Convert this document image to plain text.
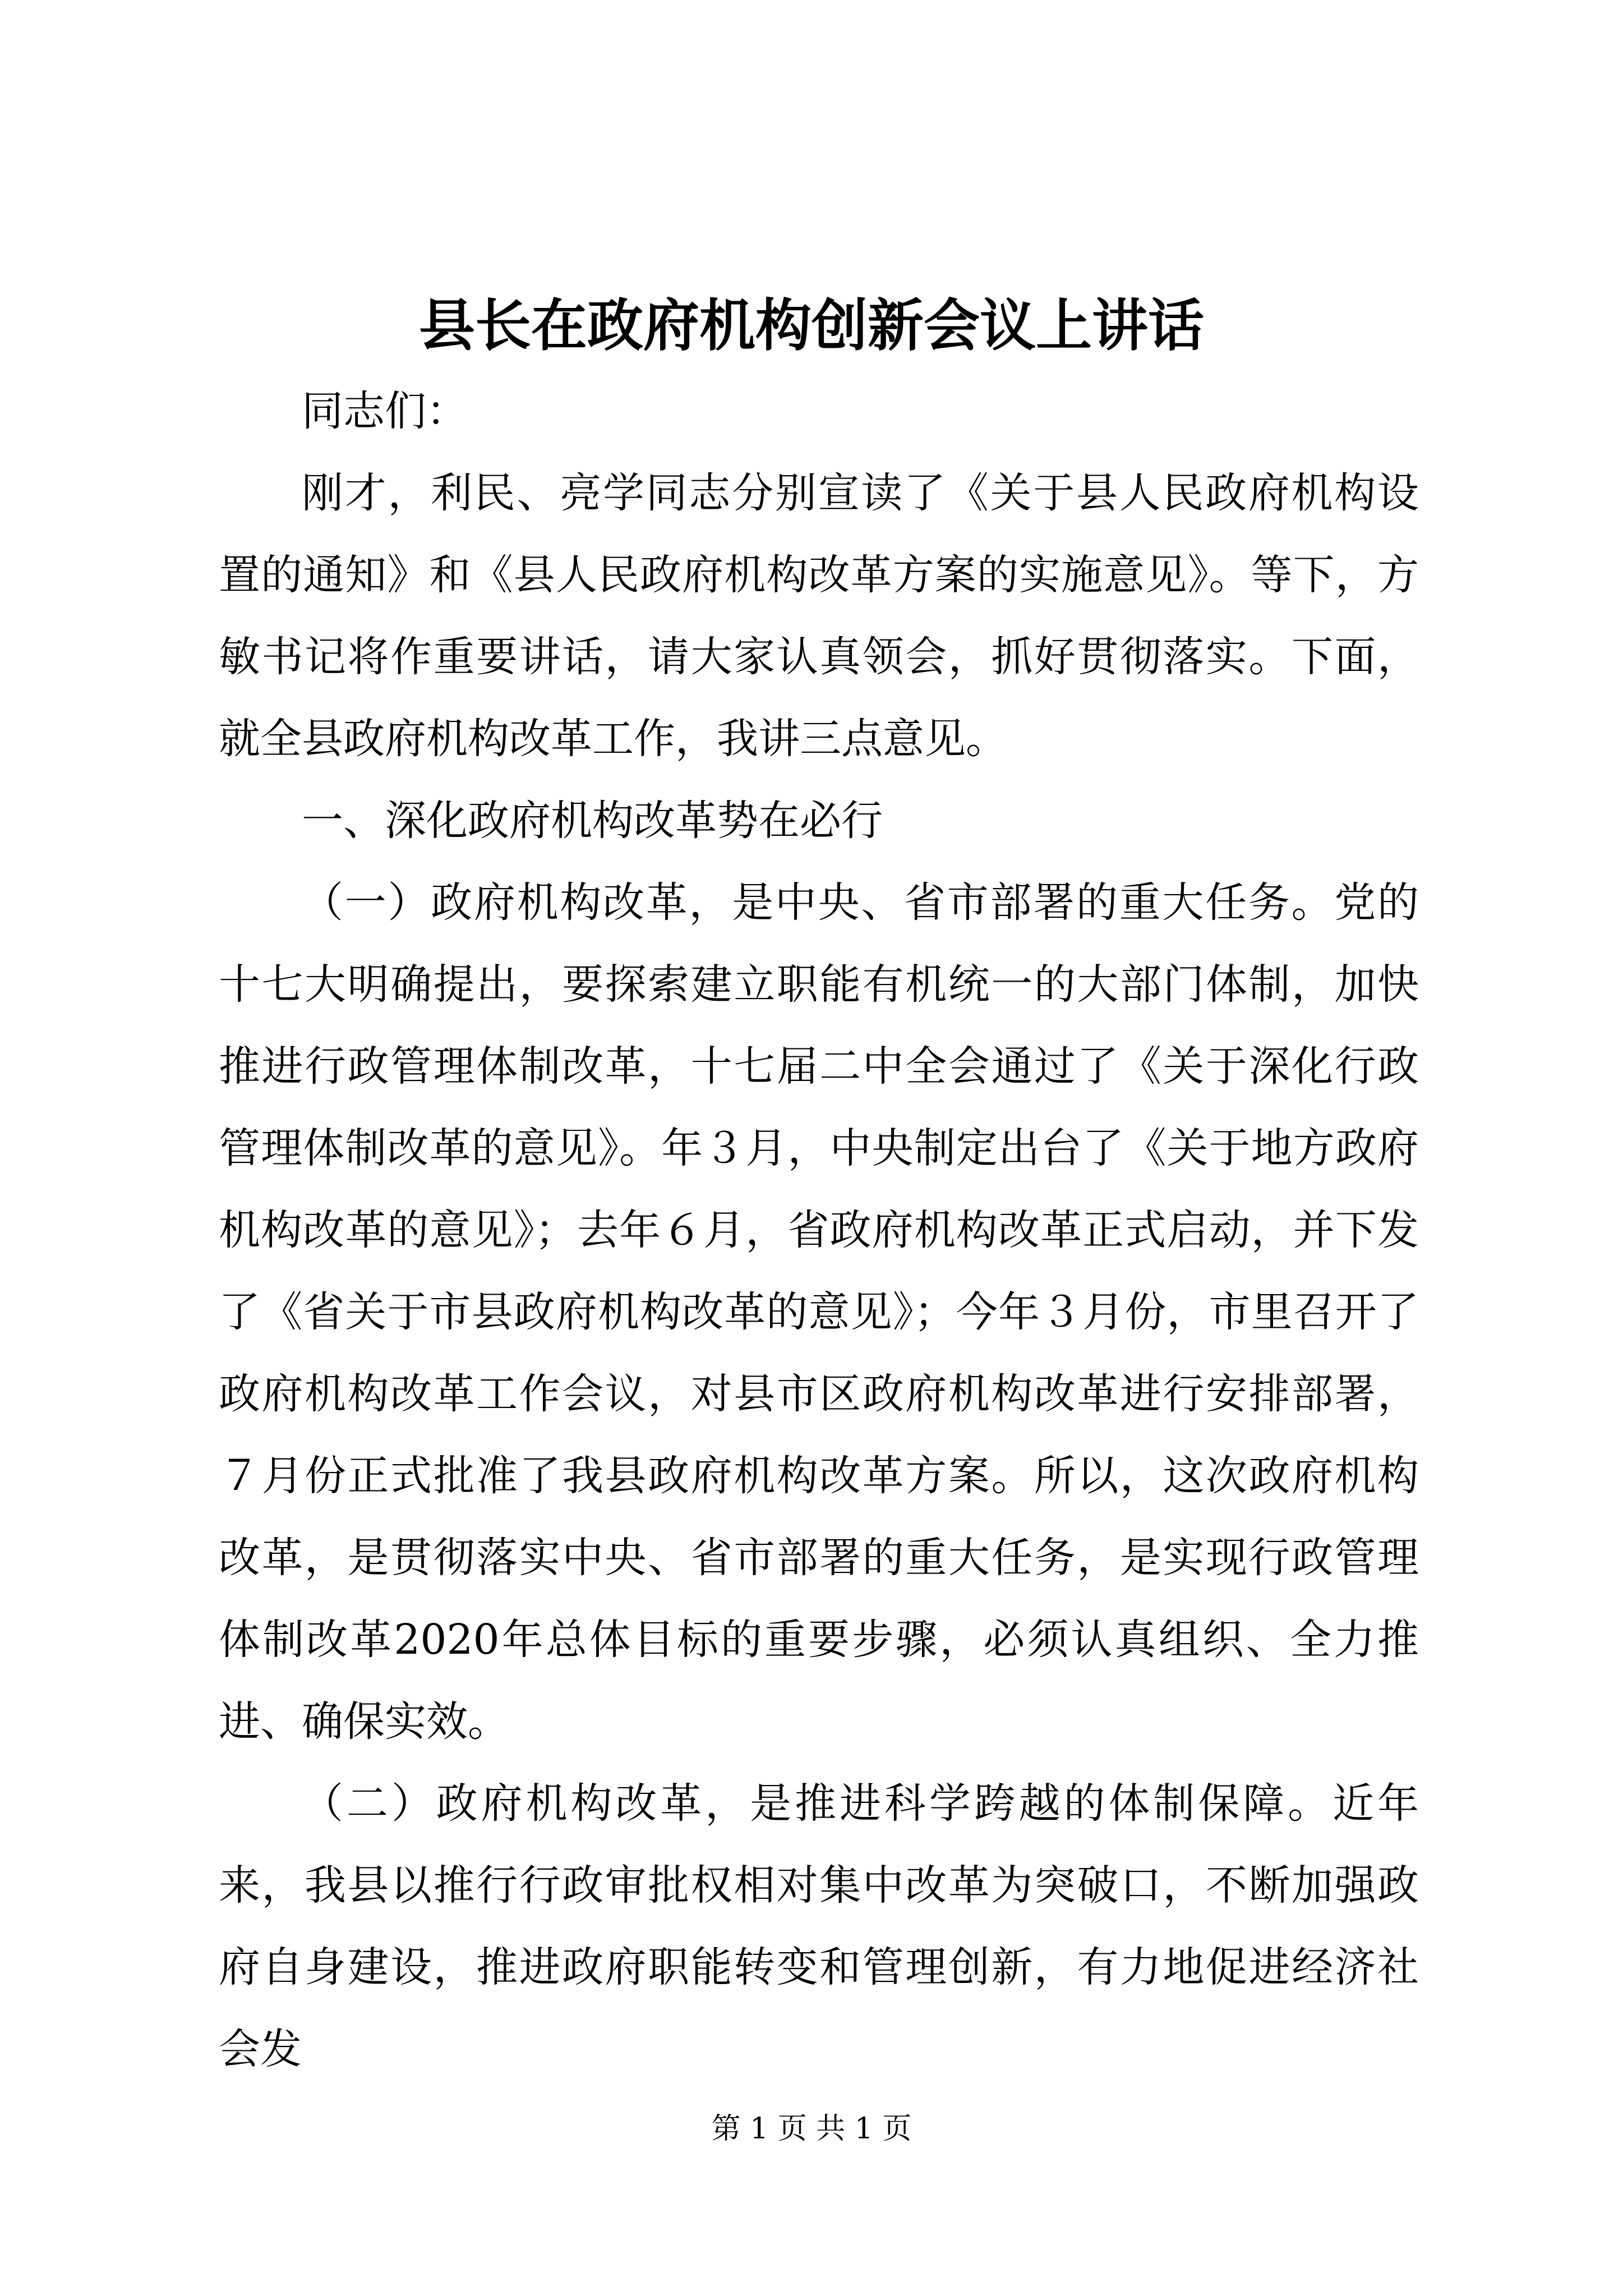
县长在政府机构创新会议上讲话

同志们：

刚才，利民、亮学同志分别宣读了《关于县人民政府机构设置的通知》和《县人民政府机构改革方案的实施意见》。等下，方敏书记将作重要讲话，请大家认真领会，抓好贯彻落实。下面，就全县政府机构改革工作，我讲三点意见。

一、深化政府机构改革势在必行

（一）政府机构改革，是中央、省市部署的重大任务。党的十七大明确提出，要探索建立职能有机统一的大部门体制，加快推进行政管理体制改革，十七届二中全会通过了《关于深化行政管理体制改革的意见》。年３月，中央制定出台了《关于地方政府机构改革的意见》；去年６月，省政府机构改革正式启动，并下发了《省关于市县政府机构改革的意见》；今年３月份，市里召开了政府机构改革工作会议，对县市区政府机构改革进行安排部署，７月份正式批准了我县政府机构改革方案。所以，这次政府机构改革，是贯彻落实中央、省市部署的重大任务，是实现行政管理体制改革2020年总体目标的重要步骤，必须认真组织、全力推进、确保实效。

（二）政府机构改革，是推进科学跨越的体制保障。近年来，我县以推行行政审批权相对集中改革为突破口，不断加强政府自身建设，推进政府职能转变和管理创新，有力地促进经济社会发

第 1 页 共 1 页
